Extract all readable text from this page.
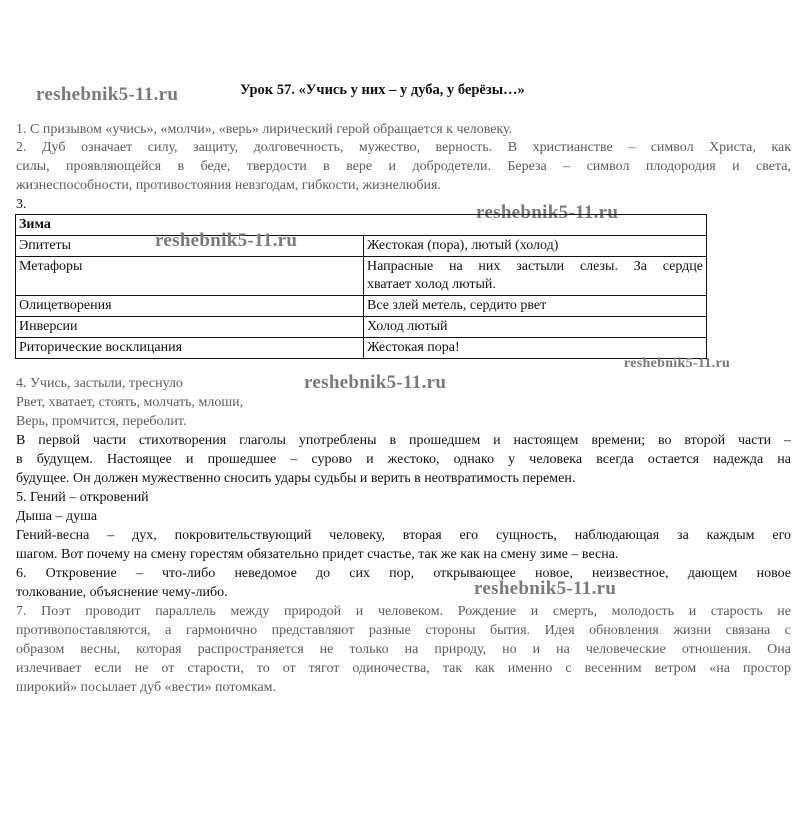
reshebnik5-11.ru	Урок 57. «Учись у них – у дуба, у берёзы…»
1. С призывом «учись», «молчи», «верь» лирический герой обращается к человеку.
2. Дуб означает силу, защиту, долговечность, мужество, верность. В христианстве – символ Христа, как
силы, проявляющейся в беде, твердости в вере и добродетели. Береза – символ плодородия и света,
жизнеспособности, противостояния невзгодам, гибкости, жизнелюбия.
3.	reshebnik5-11.ru
Зима	
Эпитеты	Жестокая (пора), лютый (холод)
Метафоры	Напрасные на них застыли слезы. За сердце
хватает холод лютый.

Олицетворения	Все злей метель, сердито рвет
Инверсии	Холод лютый
Риторические восклицания	Жестокая пора!
reshebnik5-11.ru
reshebnik5-11.ru
4. Учись, застыли, треснуло	reshebnik5-11.ru
Рвет, хватает, стоять, молчать, млоши,
Верь, промчится, переболит.
В первой части стихотворения глаголы употреблены в прошедшем и настоящем времени; во второй части –
в будущем. Настоящее и прошедшее – сурово и жестоко, однако у человека всегда остается надежда на
будущее. Он должен мужественно сносить удары судьбы и верить в неотвратимость перемен.
5. Гений – откровений
Дыша – душа
Гений-весна – дух, покровительствующий человеку, вторая его сущность, наблюдающая за каждым его
шагом. Вот почему на смену горестям обязательно придет счастье, так же как на смену зиме – весна.
6. Откровение – что-либо неведомое до сих пор, открывающее новое, неизвестное, дающем новое
толкование, объяснение чему-либо.	reshebnik5-11.ru
7. Поэт проводит параллель между природой и человеком. Рождение и смерть, молодость и старость не
противопоставляются, а гармонично представляют разные стороны бытия. Идея обновления жизни связана с
образом весны, которая распространяется не только на природу, но и на человеческие отношения. Она
излечивает если не от старости, то от тягот одиночества, так как именно с весенним ветром «на простор
широкий» посылает дуб «вести» потомкам.
